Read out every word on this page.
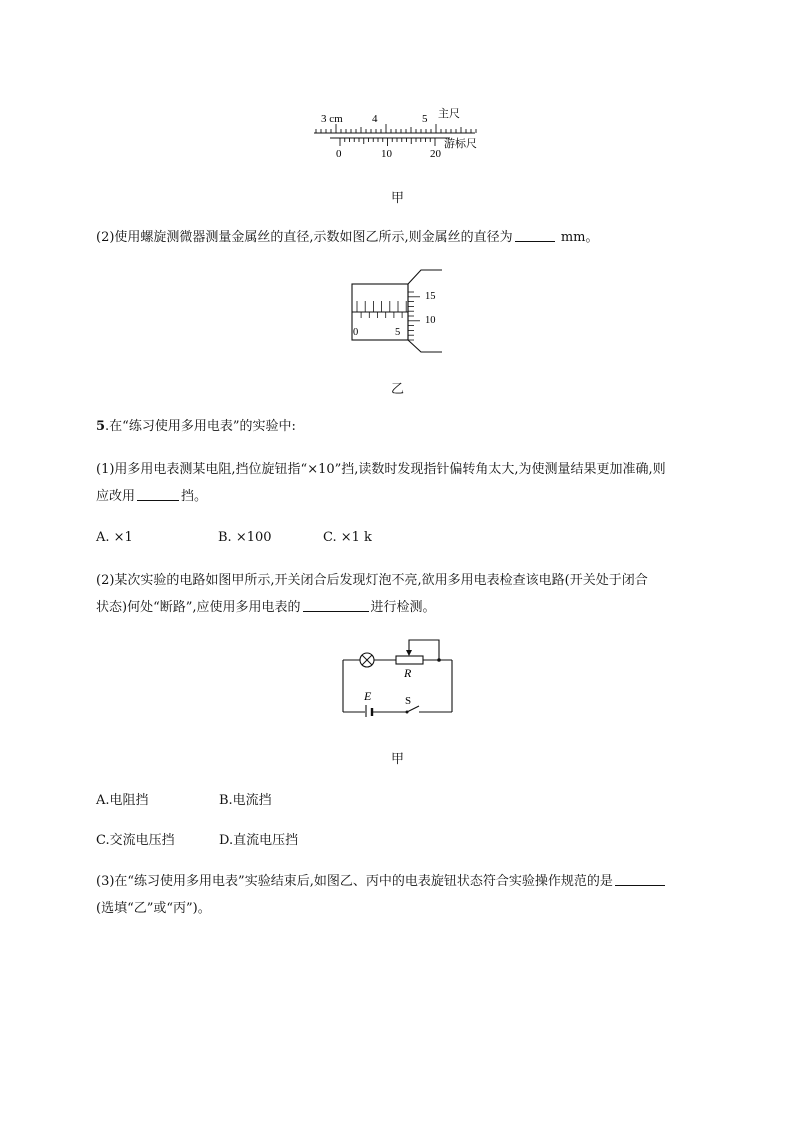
3 cm	4	5 主尺
0	10	20
游标尺
甲
(2)使用螺旋测微器测量金属丝的直径,示数如图乙所示,则金属丝的直径为	mm。
0	5
15
10
乙
5.在“练习使用多用电表”的实验中:
(1)用多用电表测某电阻,挡位旋钮指“×10”挡,读数时发现指针偏转角太大,为使测量结果更加准确,则
应改用	挡。
A. ×1	B. ×100	C. ×1 k
(2)某次实验的电路如图甲所示,开关闭合后发现灯泡不亮,欲用多用电表检查该电路(开关处于闭合
状态)何处“断路”,应使用多用电表的	进行检测。
R
E	S
甲
A.电阻挡	B.电流挡
C.交流电压挡	D.直流电压挡
(3)在“练习使用多用电表”实验结束后,如图乙、丙中的电表旋钮状态符合实验操作规范的是
(选填“乙”或“丙”)。
